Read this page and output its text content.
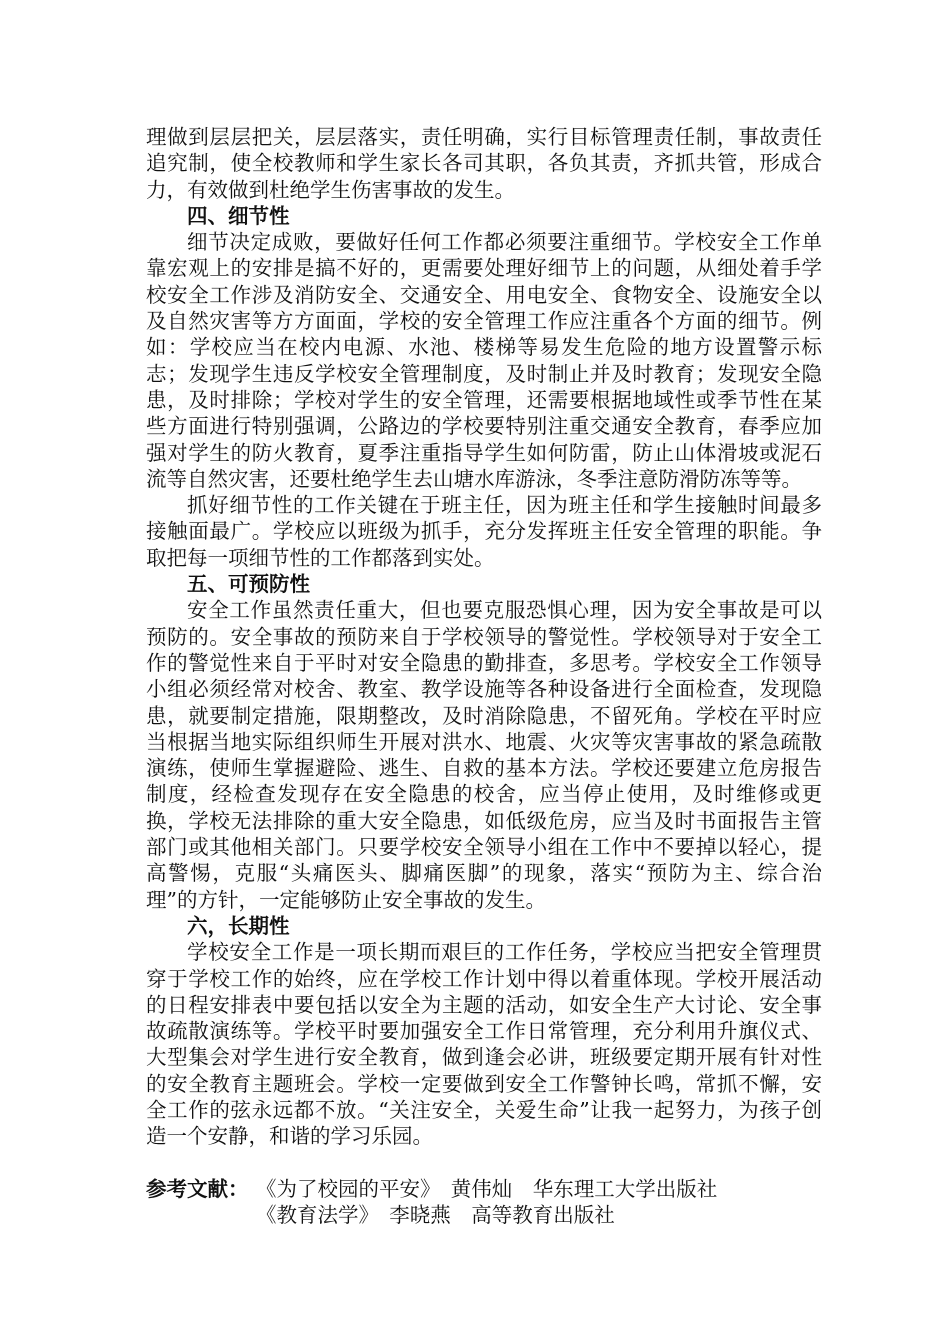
理做到层层把关，层层落实，责任明确，实行目标管理责任制，事故责任追究制，使全校教师和学生家长各司其职，各负其责，齐抓共管，形成合力，有效做到杜绝学生伤害事故的发生。

四、细节性

细节决定成败，要做好任何工作都必须要注重细节。学校安全工作单靠宏观上的安排是搞不好的，更需要处理好细节上的问题，从细处着手学校安全工作涉及消防安全、交通安全、用电安全、食物安全、设施安全以及自然灾害等方方面面，学校的安全管理工作应注重各个方面的细节。例如：学校应当在校内电源、水池、楼梯等易发生危险的地方设置警示标志；发现学生违反学校安全管理制度，及时制止并及时教育；发现安全隐患，及时排除；学校对学生的安全管理，还需要根据地域性或季节性在某些方面进行特别强调，公路边的学校要特别注重交通安全教育，春季应加强对学生的防火教育，夏季注重指导学生如何防雷，防止山体滑坡或泥石流等自然灾害，还要杜绝学生去山塘水库游泳，冬季注意防滑防冻等等。

抓好细节性的工作关键在于班主任，因为班主任和学生接触时间最多接触面最广。学校应以班级为抓手，充分发挥班主任安全管理的职能。争取把每一项细节性的工作都落到实处。

五、可预防性

安全工作虽然责任重大，但也要克服恐惧心理，因为安全事故是可以预防的。安全事故的预防来自于学校领导的警觉性。学校领导对于安全工作的警觉性来自于平时对安全隐患的勤排查，多思考。学校安全工作领导小组必须经常对校舍、教室、教学设施等各种设备进行全面检查，发现隐患，就要制定措施，限期整改，及时消除隐患，不留死角。学校在平时应当根据当地实际组织师生开展对洪水、地震、火灾等灾害事故的紧急疏散演练，使师生掌握避险、逃生、自救的基本方法。学校还要建立危房报告制度，经检查发现存在安全隐患的校舍，应当停止使用，及时维修或更换，学校无法排除的重大安全隐患，如低级危房，应当及时书面报告主管部门或其他相关部门。只要学校安全领导小组在工作中不要掉以轻心，提高警惕，克服“头痛医头、脚痛医脚”的现象，落实“预防为主、综合治理”的方针，一定能够防止安全事故的发生。

六，长期性

学校安全工作是一项长期而艰巨的工作任务，学校应当把安全管理贯穿于学校工作的始终，应在学校工作计划中得以着重体现。学校开展活动的日程安排表中要包括以安全为主题的活动，如安全生产大讨论、安全事故疏散演练等。学校平时要加强安全工作日常管理，充分利用升旗仪式、大型集会对学生进行安全教育，做到逢会必讲，班级要定期开展有针对性的安全教育主题班会。学校一定要做到安全工作警钟长鸣，常抓不懈，安全工作的弦永远都不放。“关注安全，关爱生命”让我一起努力，为孩子创造一个安静，和谐的学习乐园。

参考文献： 《为了校园的平安》　黄伟灿　华东理工大学出版社
《教育法学》　李晓燕　高等教育出版社
